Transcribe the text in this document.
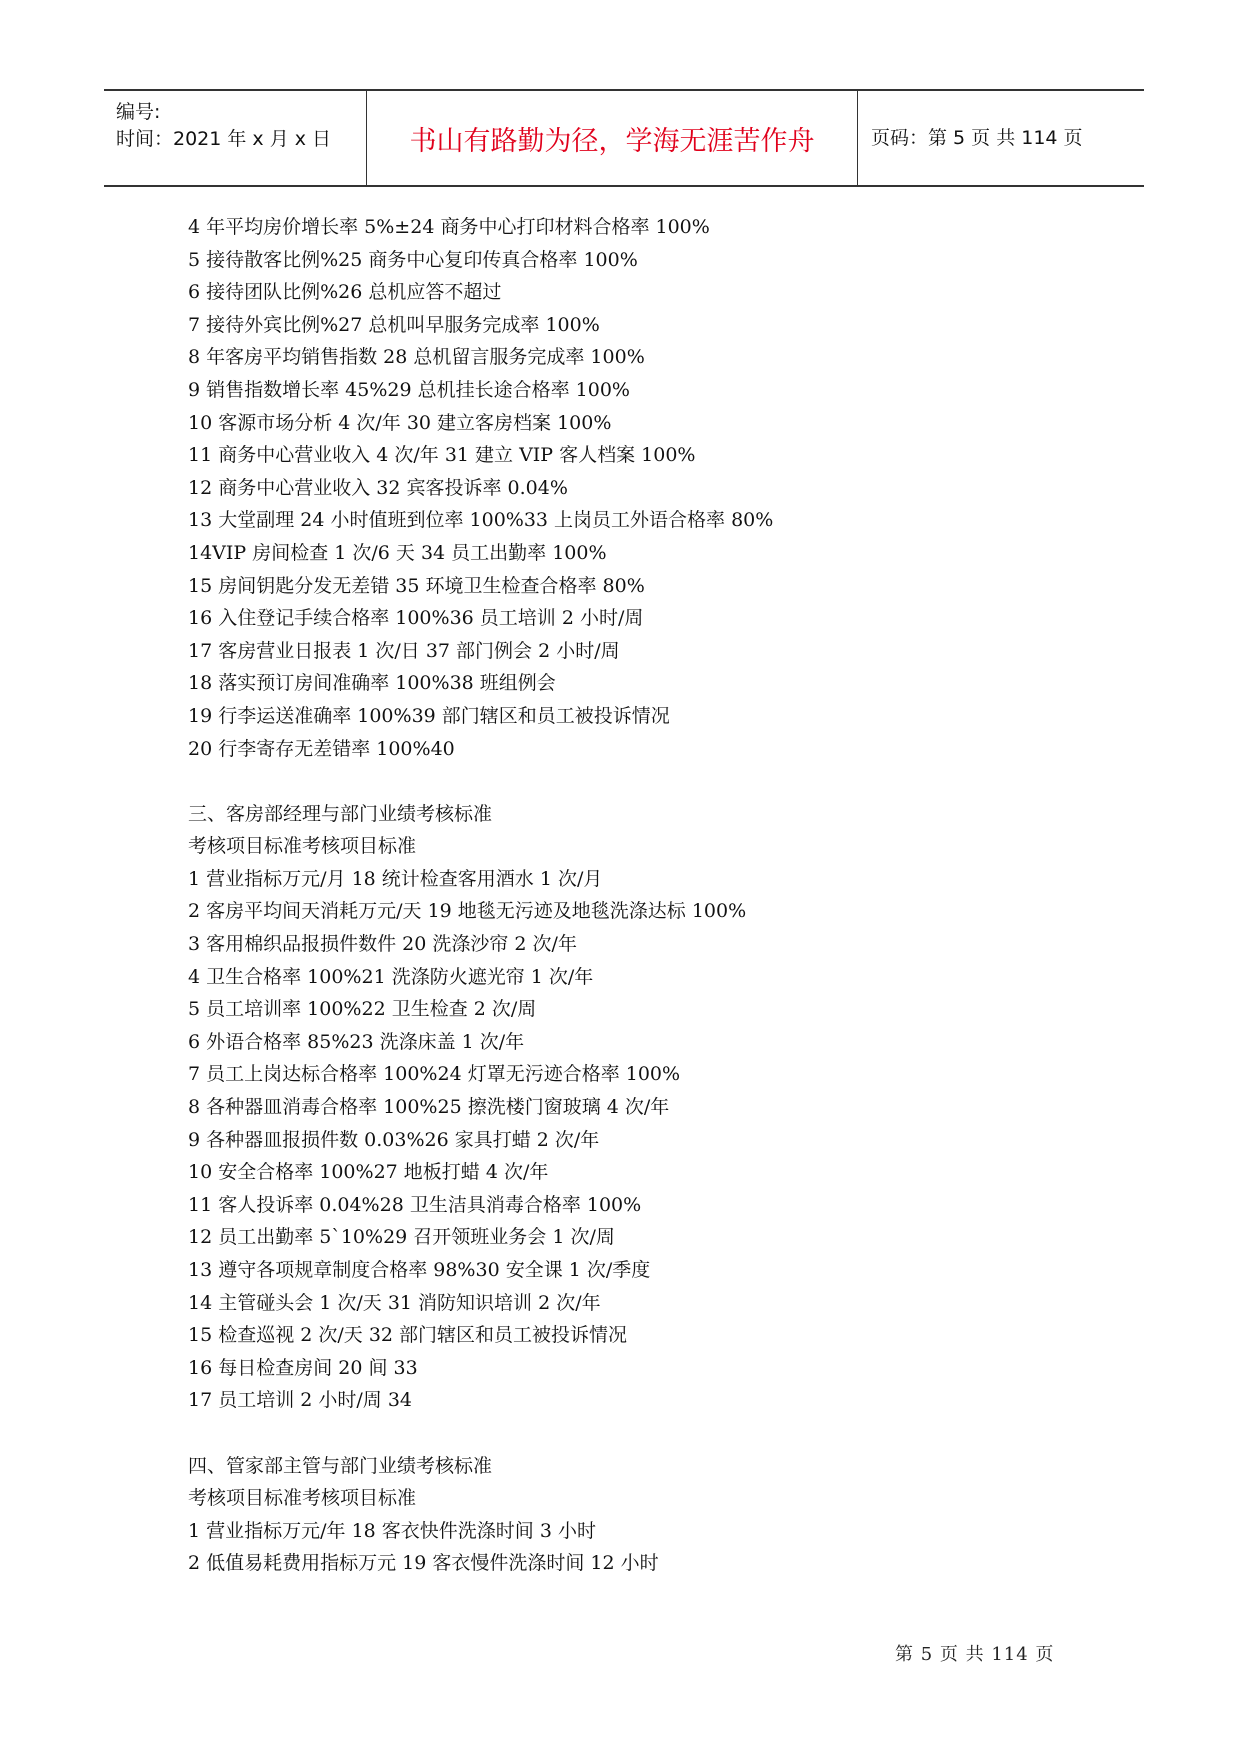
编号:
时间：2021 年 x 月 x 日	书山有路勤为径，学海无涯苦作舟	页码：第 5 页 共 114 页
4 年平均房价增长率 5%±24 商务中心打印材料合格率 100%
5 接待散客比例%25 商务中心复印传真合格率 100%
6 接待团队比例%26 总机应答不超过
7 接待外宾比例%27 总机叫早服务完成率 100%
8 年客房平均销售指数 28 总机留言服务完成率 100%
9 销售指数增长率 45%29 总机挂长途合格率 100%
10 客源市场分析 4 次/年 30 建立客房档案 100%
11 商务中心营业收入 4 次/年 31 建立 VIP 客人档案 100%
12 商务中心营业收入 32 宾客投诉率 0.04%
13 大堂副理 24 小时值班到位率 100%33 上岗员工外语合格率 80%
14VIP 房间检查 1 次/6 天 34 员工出勤率 100%
15 房间钥匙分发无差错 35 环境卫生检查合格率 80%
16 入住登记手续合格率 100%36 员工培训 2 小时/周
17 客房营业日报表 1 次/日 37 部门例会 2 小时/周
18 落实预订房间准确率 100%38 班组例会
19 行李运送准确率 100%39 部门辖区和员工被投诉情况
20 行李寄存无差错率 100%40
三、客房部经理与部门业绩考核标准
考核项目标准考核项目标准
1 营业指标万元/月 18 统计检查客用酒水 1 次/月
2 客房平均间天消耗万元/天 19 地毯无污迹及地毯洗涤达标 100%
3 客用棉织品报损件数件 20 洗涤沙帘 2 次/年
4 卫生合格率 100%21 洗涤防火遮光帘 1 次/年
5 员工培训率 100%22 卫生检查 2 次/周
6 外语合格率 85%23 洗涤床盖 1 次/年
7 员工上岗达标合格率 100%24 灯罩无污迹合格率 100%
8 各种器皿消毒合格率 100%25 擦洗楼门窗玻璃 4 次/年
9 各种器皿报损件数 0.03%26 家具打蜡 2 次/年
10 安全合格率 100%27 地板打蜡 4 次/年
11 客人投诉率 0.04%28 卫生洁具消毒合格率 100%
12 员工出勤率 5`10%29 召开领班业务会 1 次/周
13 遵守各项规章制度合格率 98%30 安全课 1 次/季度
14 主管碰头会 1 次/天 31 消防知识培训 2 次/年
15 检查巡视 2 次/天 32 部门辖区和员工被投诉情况
16 每日检查房间 20 间 33
17 员工培训 2 小时/周 34
四、管家部主管与部门业绩考核标准
考核项目标准考核项目标准
1 营业指标万元/年 18 客衣快件洗涤时间 3 小时
2 低值易耗费用指标万元 19 客衣慢件洗涤时间 12 小时
第 5 页 共 114 页
